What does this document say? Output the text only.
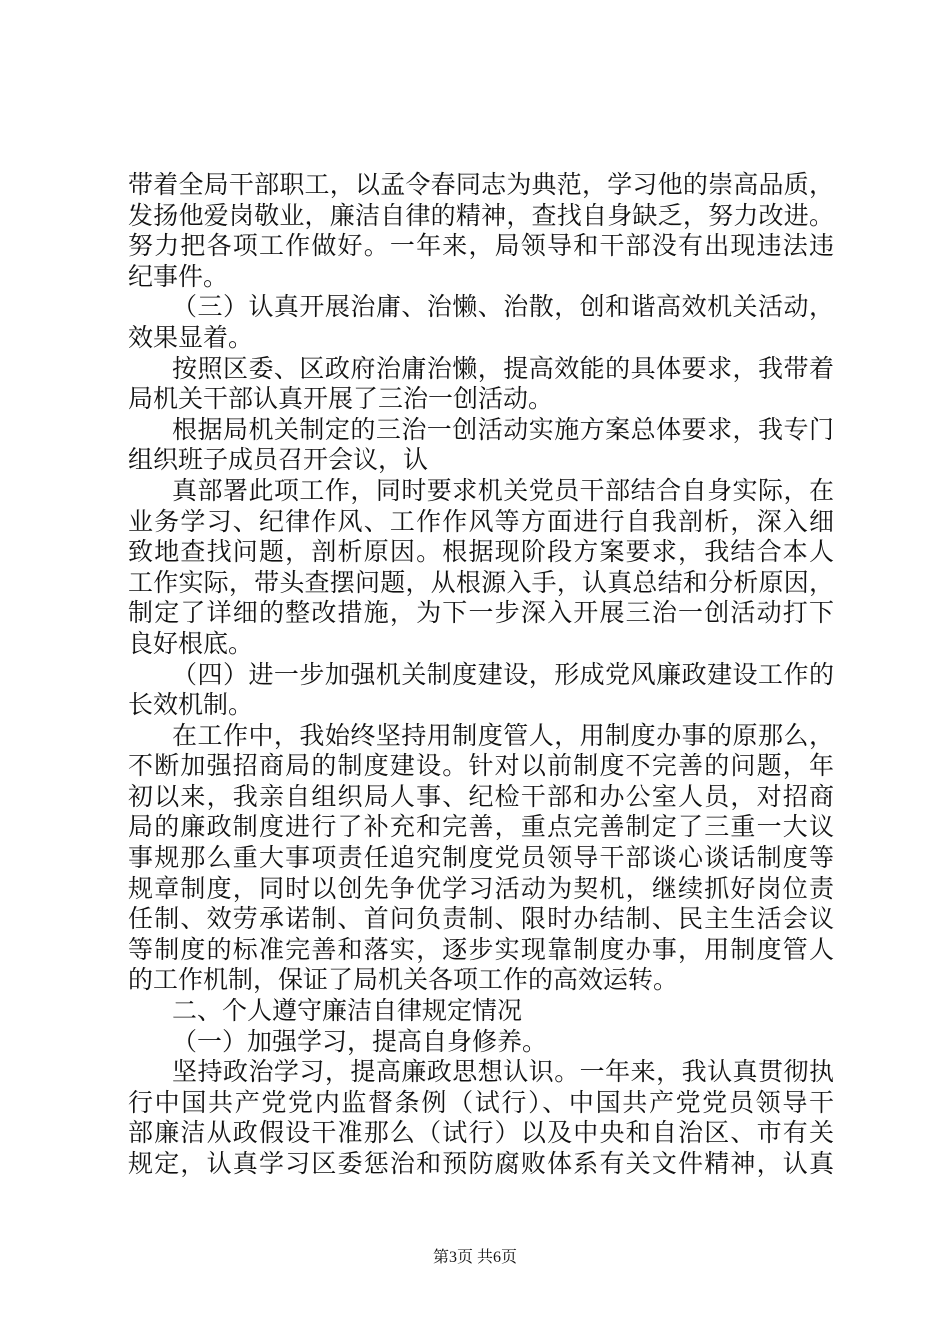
带着全局干部职工，以孟令春同志为典范，学习他的崇高品质，
发扬他爱岗敬业，廉洁自律的精神，查找自身缺乏，努力改进。
努力把各项工作做好。一年来，局领导和干部没有出现违法违
纪事件。
（三）认真开展治庸、治懒、治散，创和谐高效机关活动，
效果显着。
按照区委、区政府治庸治懒，提高效能的具体要求，我带着
局机关干部认真开展了三治一创活动。
根据局机关制定的三治一创活动实施方案总体要求，我专门
组织班子成员召开会议，认
真部署此项工作，同时要求机关党员干部结合自身实际，在
业务学习、纪律作风、工作作风等方面进行自我剖析，深入细
致地查找问题，剖析原因。根据现阶段方案要求，我结合本人
工作实际，带头查摆问题，从根源入手，认真总结和分析原因，
制定了详细的整改措施，为下一步深入开展三治一创活动打下
良好根底。
（四）进一步加强机关制度建设，形成党风廉政建设工作的
长效机制。
在工作中，我始终坚持用制度管人，用制度办事的原那么，
不断加强招商局的制度建设。针对以前制度不完善的问题，年
初以来，我亲自组织局人事、纪检干部和办公室人员，对招商
局的廉政制度进行了补充和完善，重点完善制定了三重一大议
事规那么重大事项责任追究制度党员领导干部谈心谈话制度等
规章制度，同时以创先争优学习活动为契机，继续抓好岗位责
任制、效劳承诺制、首问负责制、限时办结制、民主生活会议
等制度的标准完善和落实，逐步实现靠制度办事，用制度管人
的工作机制，保证了局机关各项工作的高效运转。
二、个人遵守廉洁自律规定情况
（一）加强学习，提高自身修养。
坚持政治学习，提高廉政思想认识。一年来，我认真贯彻执
行中国共产党党内监督条例（试行）、中国共产党党员领导干
部廉洁从政假设干准那么（试行）以及中央和自治区、市有关
规定，认真学习区委惩治和预防腐败体系有关文件精神，认真
第3页 共6页
